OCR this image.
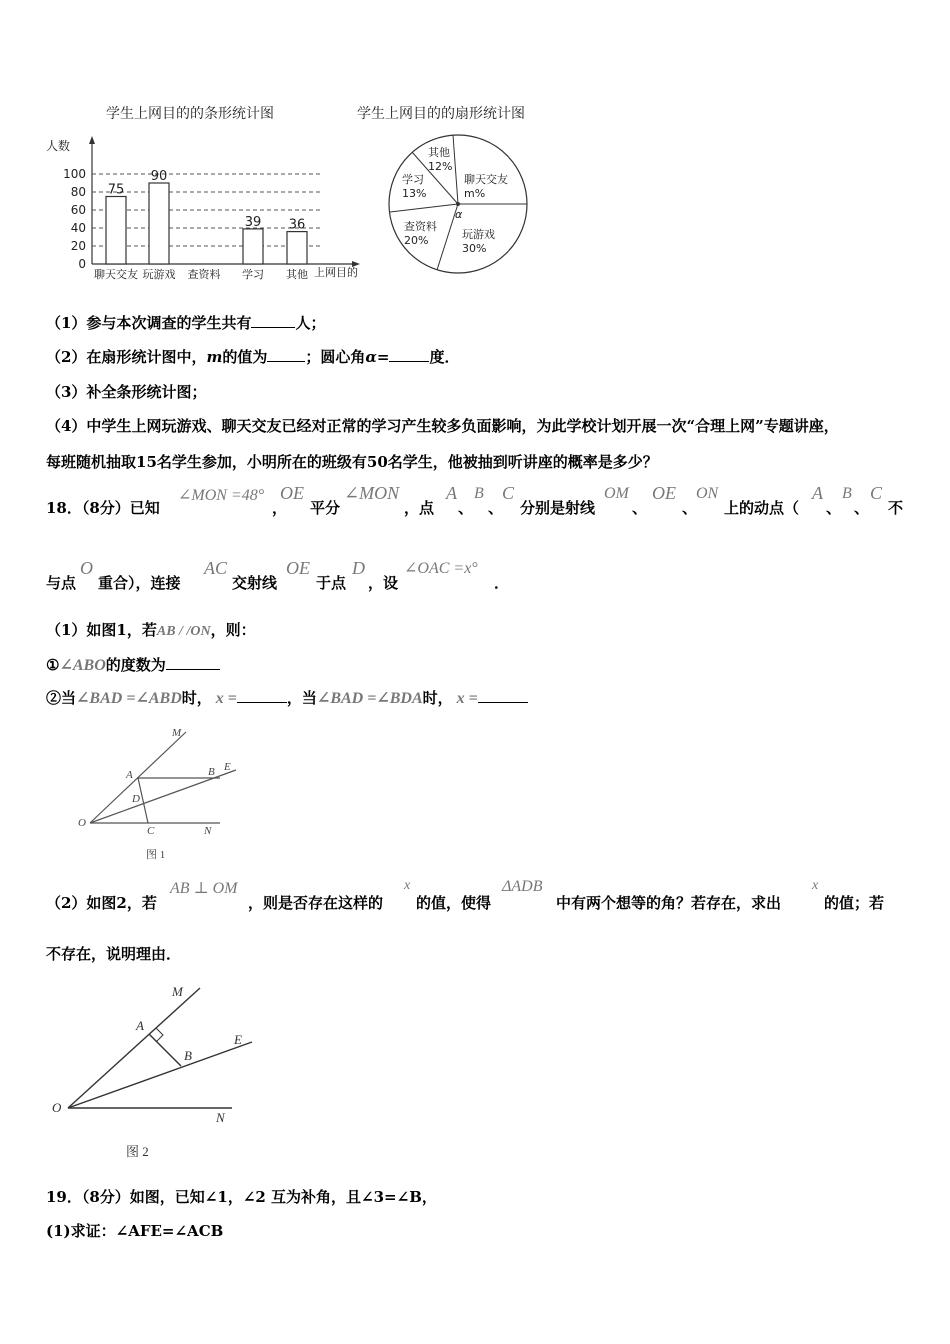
学生上网目的的条形统计图	学生上网目的的扇形统计图
人数
上网目的
0
20
40
60
80
100
聊天交友
75
玩游戏
90
查资料 学习
39
其他
36
α
其他
12%
学习
13%
聊天交友
m%
查资料
20%	玩游戏
30%
（1）参与本次调查的学生共有	人；
（2）在扇形统计图中，m的值为	；圆心角α=	度．
（3）补全条形统计图；
（4）中学生上网玩游戏、聊天交友已经对正常的学习产生较多负面影响，为此学校计划开展一次“合理上网”专题讲座，
每班随机抽取15名学生参加，小明所在的班级有50名学生，他被抽到听讲座的概率是多少？
18．（8分）已知
∠MON =48°
，
OE
平分
∠MON
，点
A
、
B
、
C
分别是射线
OM
、
OE
、
ON
上的动点（
A
、
B
、
C
不
与点
O
重合），连接
AC
交射线
OE
于点
D
，设
∠OAC =x°
．
（1）如图1，若AB / /ON，则：
①∠ABO的度数为
②当∠BAD =∠ABD时， x =	，当∠BAD =∠BDA时， x =
M
A	B E
D
O
C	N
图 1
（2）如图2，若
AB ⊥ OM
，则是否存在这样的
x
的值，使得
ΔADB
中有两个想等的角？若存在，求出
x
的值；若
不存在，说明理由．
M
A
B
E
O
N
图 2
19．（8分）如图，已知∠1，∠2 互为补角，且∠3=∠B，
(1)求证：∠AFE=∠ACB
